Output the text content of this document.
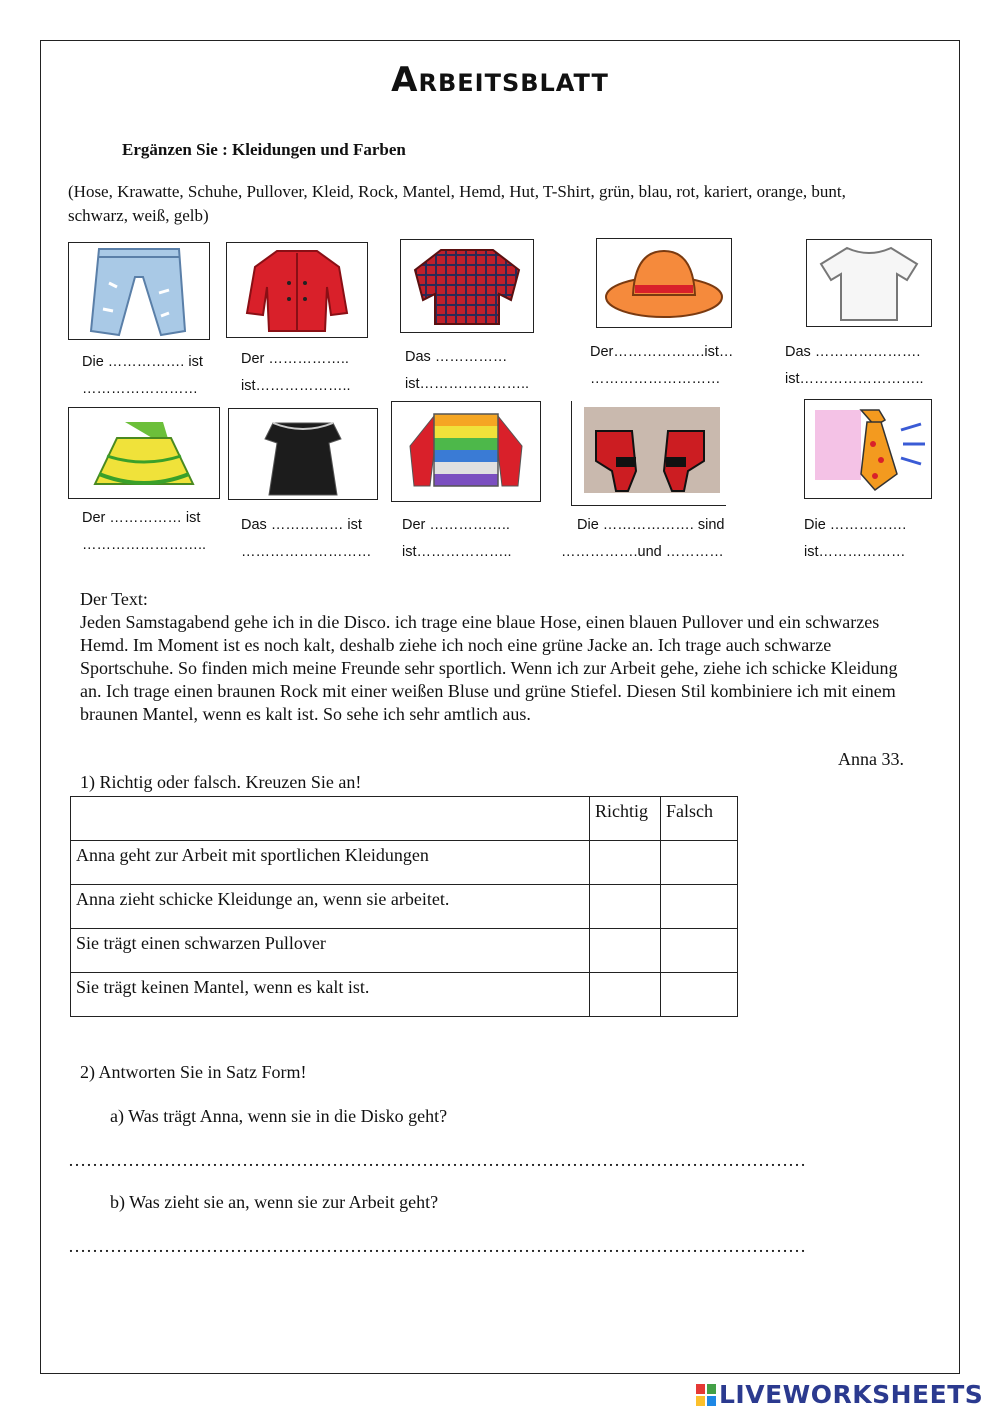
Arbeitsblatt
Ergänzen Sie : Kleidungen und Farben
(Hose, Krawatte, Schuhe, Pullover, Kleid, Rock, Mantel, Hemd, Hut, T-Shirt, grün, blau, rot, kariert, orange, bunt, schwarz, weiß, gelb)
Die ……………. ist
……………………
Der ……………..
ist………………..
Das ……………
ist…………………..
Der……………….ist…
………………………
Das ………………….
ist……………………..
Der …………… ist
……………………..
Das …………… ist
………………………
Der ……………..
ist………………..
Die ………………. sind
…………….und …………
Die …………….
ist………………

Der Text:

Jeden Samstagabend gehe ich in die Disco. ich trage eine blaue Hose, einen blauen Pullover und ein schwarzes Hemd. Im Moment ist es noch kalt, deshalb ziehe ich noch eine grüne Jacke an. Ich trage auch schwarze Sportschuhe. So finden mich meine Freunde sehr sportlich. Wenn ich zur Arbeit gehe, ziehe ich schicke Kleidung an. Ich trage einen braunen Rock mit einer weißen Bluse und grüne Stiefel. Diesen Stil kombiniere ich mit einem braunen Mantel, wenn es kalt ist. So sehe ich sehr amtlich aus.

Anna 33.
1) Richtig oder falsch. Kreuzen Sie an!
	Richtig	Falsch
Anna geht zur Arbeit mit sportlichen Kleidungen		
Anna zieht schicke Kleidunge an, wenn sie arbeitet.		
Sie trägt einen schwarzen Pullover		
Sie trägt keinen Mantel, wenn es kalt ist.		
2) Antworten Sie in Satz Form!
a) Was trägt Anna, wenn sie in die Disko geht?
……………………………………………………………………………………………………………
b) Was zieht sie an, wenn sie zur Arbeit geht?
……………………………………………………………………………………………………………
LIVEWORKSHEETS
